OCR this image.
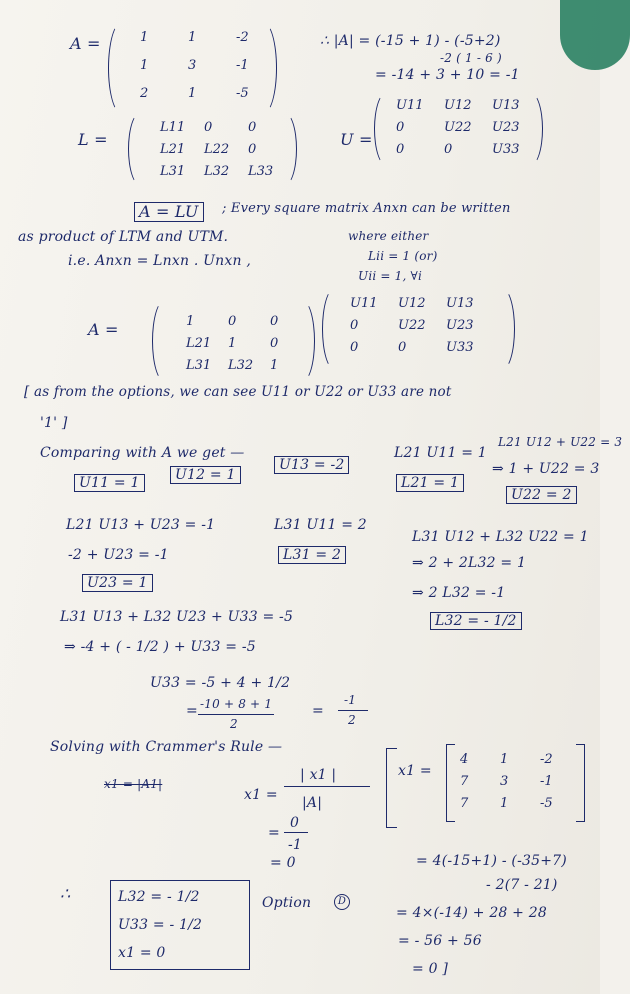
A =	1	1	-2
1	3	-1
2	1	-5
∴ |A| = (-15 + 1) - (-5+2)
-2 ( 1 - 6 )
= -14 + 3 + 10 = -1
L =
L11 0	0
L21 L22 0
L31 L32 L33
U =
U11 U12 U13
0	U22 U23
0	0	U33
A = LU	; Every square matrix Anxn can be written
as product of LTM and UTM.
i.e. Anxn = Lnxn . Unxn ,
where either
Lii = 1 (or)
Uii = 1, ∀i
A =	1	0	0
L21 1	0
L31 L32 1
U11 U12 U13
0	U22 U23
0	0	U33
[ as from the options, we can see U11 or U22 or U33 are not
'1' ]
Comparing with A we get —
U11 = 1	U12 = 1
U13 = -2
L21 U11 = 1
L21 = 1
L21 U12 + U22 = 3
⇒ 1 + U22 = 3
U22 = 2
L21 U13 + U23 = -1
-2 + U23 = -1
U23 = 1
L31 U11 = 2
L31 = 2
L31 U12 + L32 U22 = 1
⇒ 2 + 2L32 = 1
⇒ 2 L32 = -1
L32 = - 1/2
L31 U13 + L32 U23 + U33 = -5
⇒ -4 + ( - 1/2 ) + U33 = -5
U33 = -5 + 4 + 1/2
= -10 + 8 + 1
2
=
-1
2
Solving with Crammer's Rule —
x1 = |A1|
x1 =
| x1 |
|A|
=
0
-1
= 0
x1 =
4 1 -2
7 3 -1
7 1 -5
= 4(-15+1) - (-35+7)
- 2(7 - 21)
= 4×(-14) + 28 + 28
= - 56 + 56
= 0 ]
∴	L32 = - 1/2
U33 = - 1/2
x1 = 0
Option	D
